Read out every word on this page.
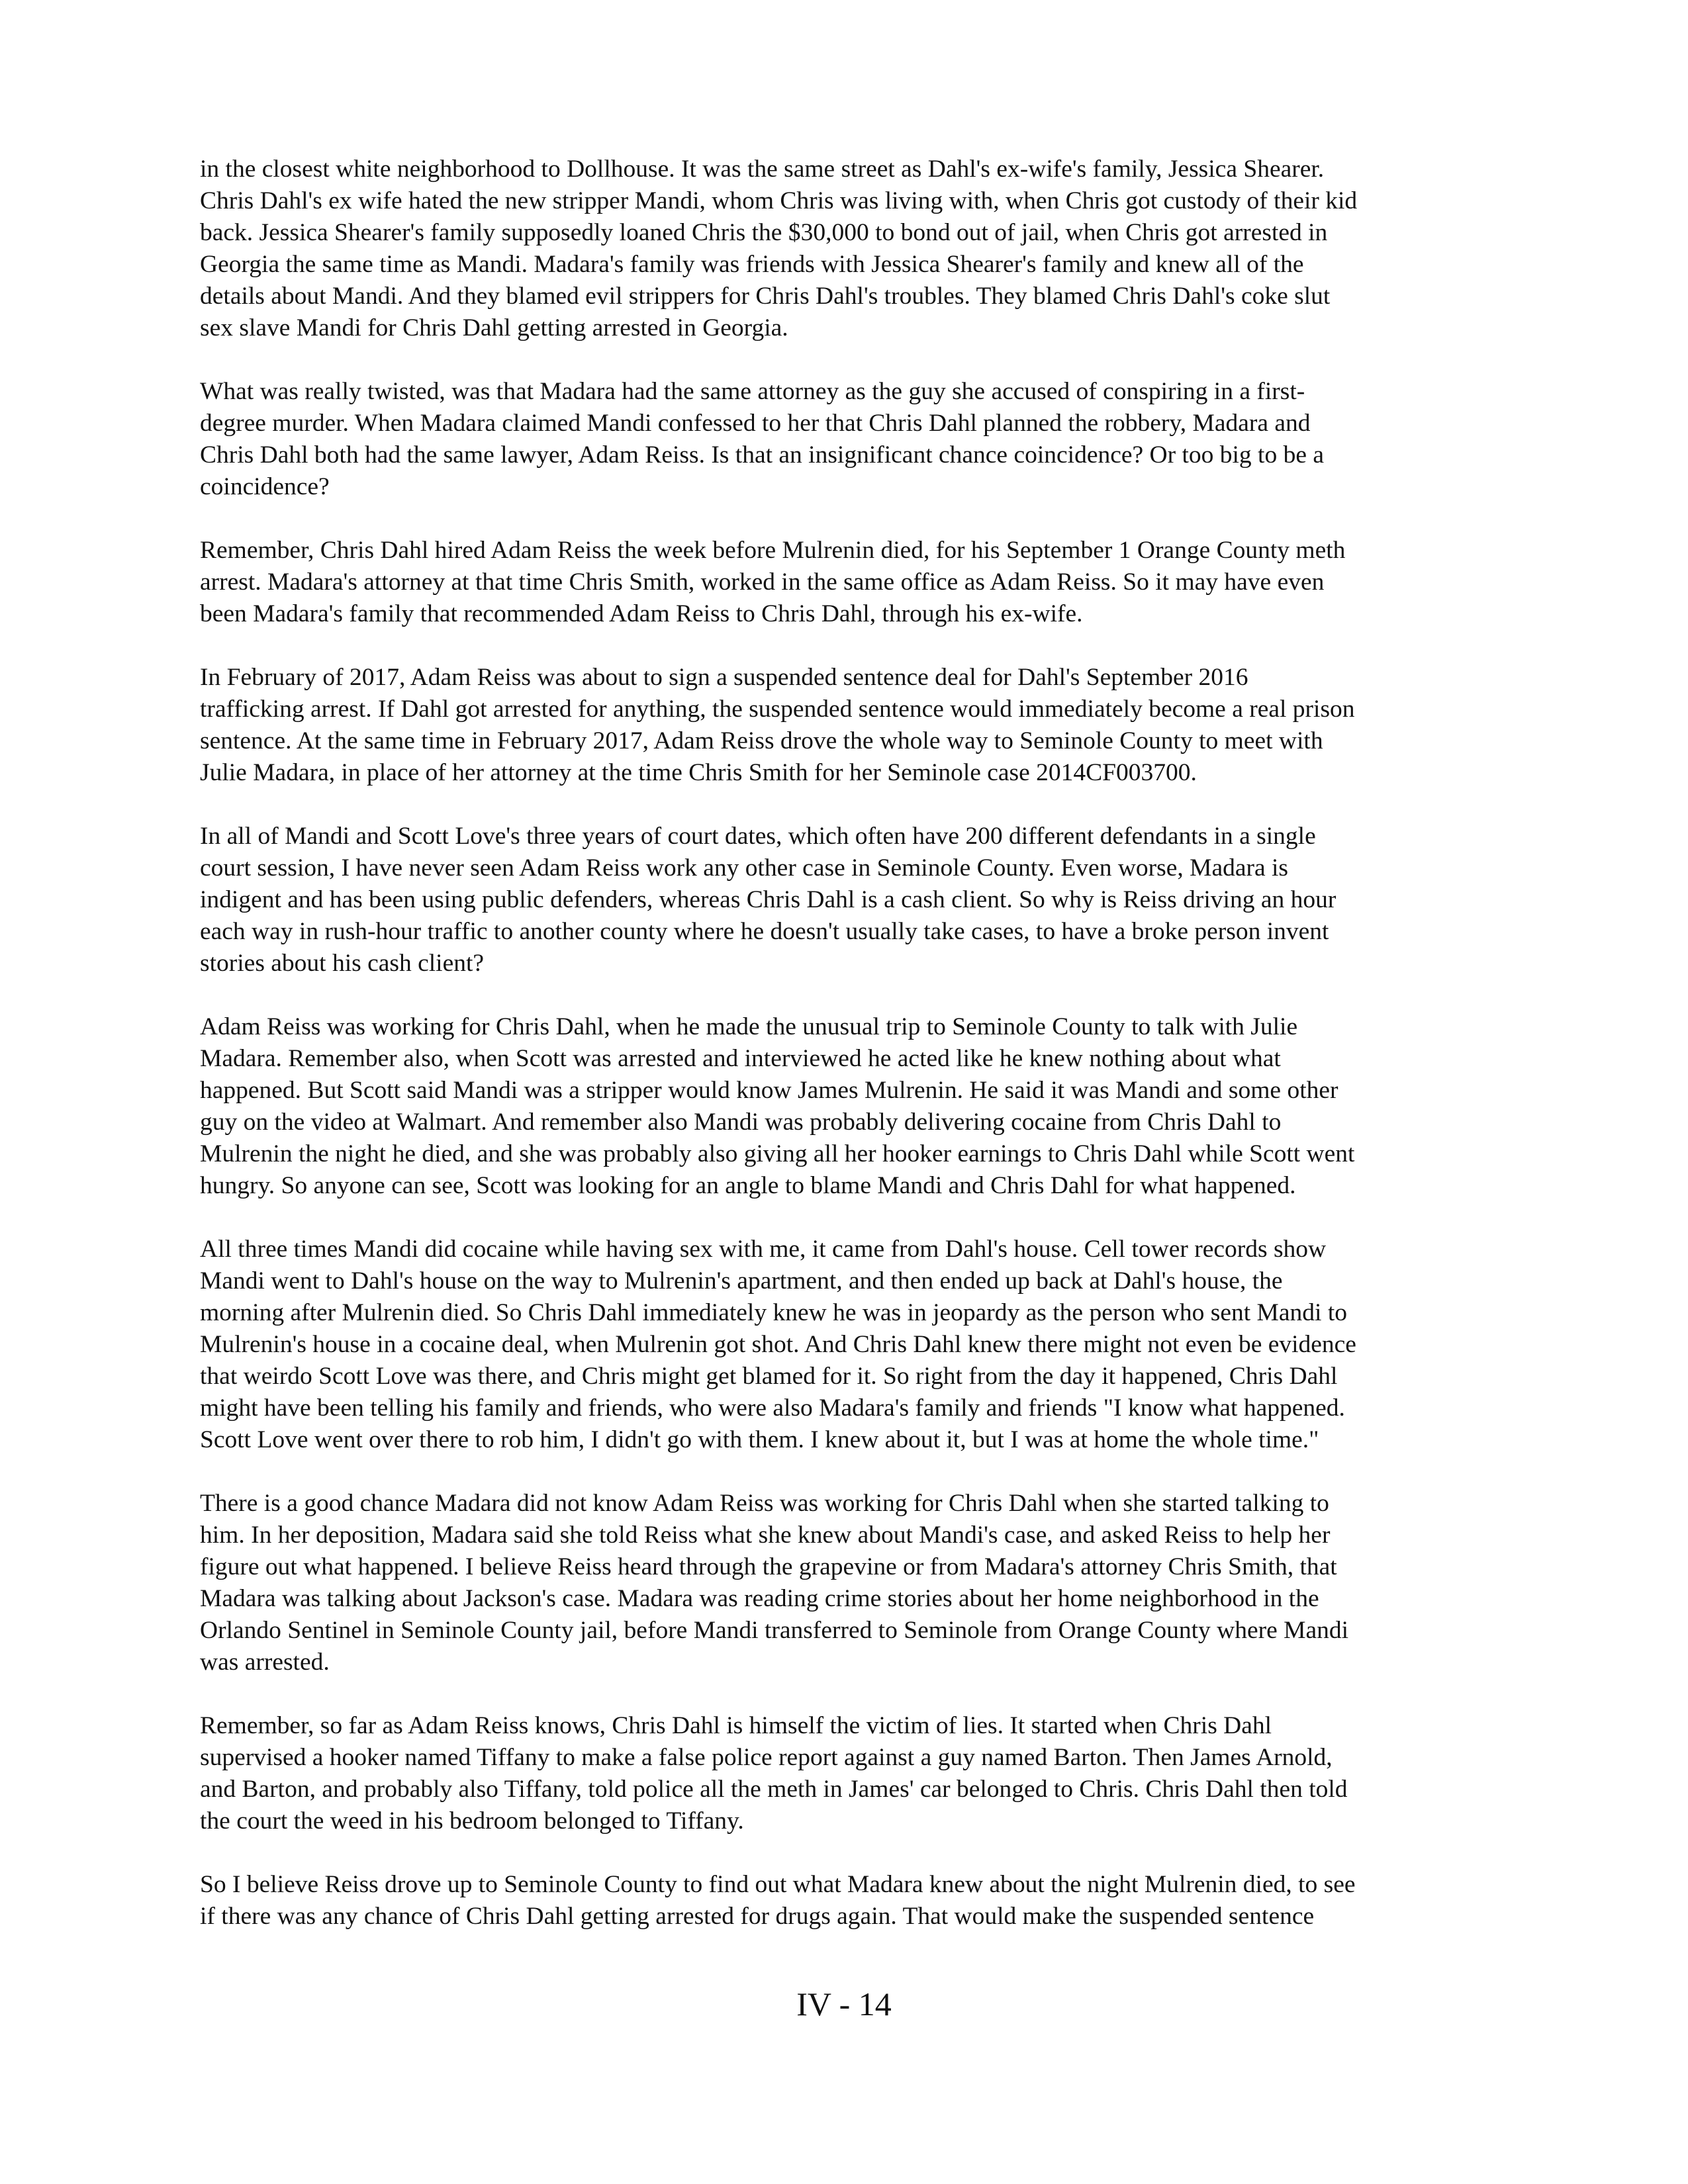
in the closest white neighborhood to Dollhouse. It was the same street as Dahl's ex-wife's family, Jessica Shearer.
Chris Dahl's ex wife hated the new stripper Mandi, whom Chris was living with, when Chris got custody of their kid
back. Jessica Shearer's family supposedly loaned Chris the $30,000 to bond out of jail, when Chris got arrested in
Georgia the same time as Mandi. Madara's family was friends with Jessica Shearer's family and knew all of the
details about Mandi. And they blamed evil strippers for Chris Dahl's troubles. They blamed Chris Dahl's coke slut
sex slave Mandi for Chris Dahl getting arrested in Georgia.

What was really twisted, was that Madara had the same attorney as the guy she accused of conspiring in a first-
degree murder. When Madara claimed Mandi confessed to her that Chris Dahl planned the robbery, Madara and
Chris Dahl both had the same lawyer, Adam Reiss. Is that an insignificant chance coincidence? Or too big to be a
coincidence?

Remember, Chris Dahl hired Adam Reiss the week before Mulrenin died, for his September 1 Orange County meth
arrest. Madara's attorney at that time Chris Smith, worked in the same office as Adam Reiss. So it may have even
been Madara's family that recommended Adam Reiss to Chris Dahl, through his ex-wife.

In February of 2017, Adam Reiss was about to sign a suspended sentence deal for Dahl's September 2016
trafficking arrest. If Dahl got arrested for anything, the suspended sentence would immediately become a real prison
sentence. At the same time in February 2017, Adam Reiss drove the whole way to Seminole County to meet with
Julie Madara, in place of her attorney at the time Chris Smith for her Seminole case 2014CF003700.

In all of Mandi and Scott Love's three years of court dates, which often have 200 different defendants in a single
court session, I have never seen Adam Reiss work any other case in Seminole County. Even worse, Madara is
indigent and has been using public defenders, whereas Chris Dahl is a cash client. So why is Reiss driving an hour
each way in rush-hour traffic to another county where he doesn't usually take cases, to have a broke person invent
stories about his cash client?

Adam Reiss was working for Chris Dahl, when he made the unusual trip to Seminole County to talk with Julie
Madara. Remember also, when Scott was arrested and interviewed he acted like he knew nothing about what
happened. But Scott said Mandi was a stripper would know James Mulrenin. He said it was Mandi and some other
guy on the video at Walmart. And remember also Mandi was probably delivering cocaine from Chris Dahl to
Mulrenin the night he died, and she was probably also giving all her hooker earnings to Chris Dahl while Scott went
hungry. So anyone can see, Scott was looking for an angle to blame Mandi and Chris Dahl for what happened.

All three times Mandi did cocaine while having sex with me, it came from Dahl's house. Cell tower records show
Mandi went to Dahl's house on the way to Mulrenin's apartment, and then ended up back at Dahl's house, the
morning after Mulrenin died. So Chris Dahl immediately knew he was in jeopardy as the person who sent Mandi to
Mulrenin's house in a cocaine deal, when Mulrenin got shot. And Chris Dahl knew there might not even be evidence
that weirdo Scott Love was there, and Chris might get blamed for it. So right from the day it happened, Chris Dahl
might have been telling his family and friends, who were also Madara's family and friends "I know what happened.
Scott Love went over there to rob him, I didn't go with them. I knew about it, but I was at home the whole time."

There is a good chance Madara did not know Adam Reiss was working for Chris Dahl when she started talking to
him. In her deposition, Madara said she told Reiss what she knew about Mandi's case, and asked Reiss to help her
figure out what happened. I believe Reiss heard through the grapevine or from Madara's attorney Chris Smith, that
Madara was talking about Jackson's case. Madara was reading crime stories about her home neighborhood in the
Orlando Sentinel in Seminole County jail, before Mandi transferred to Seminole from Orange County where Mandi
was arrested.

Remember, so far as Adam Reiss knows, Chris Dahl is himself the victim of lies. It started when Chris Dahl
supervised a hooker named Tiffany to make a false police report against a guy named Barton. Then James Arnold,
and Barton, and probably also Tiffany, told police all the meth in James' car belonged to Chris. Chris Dahl then told
the court the weed in his bedroom belonged to Tiffany.

So I believe Reiss drove up to Seminole County to find out what Madara knew about the night Mulrenin died, to see
if there was any chance of Chris Dahl getting arrested for drugs again. That would make the suspended sentence

IV - 14
